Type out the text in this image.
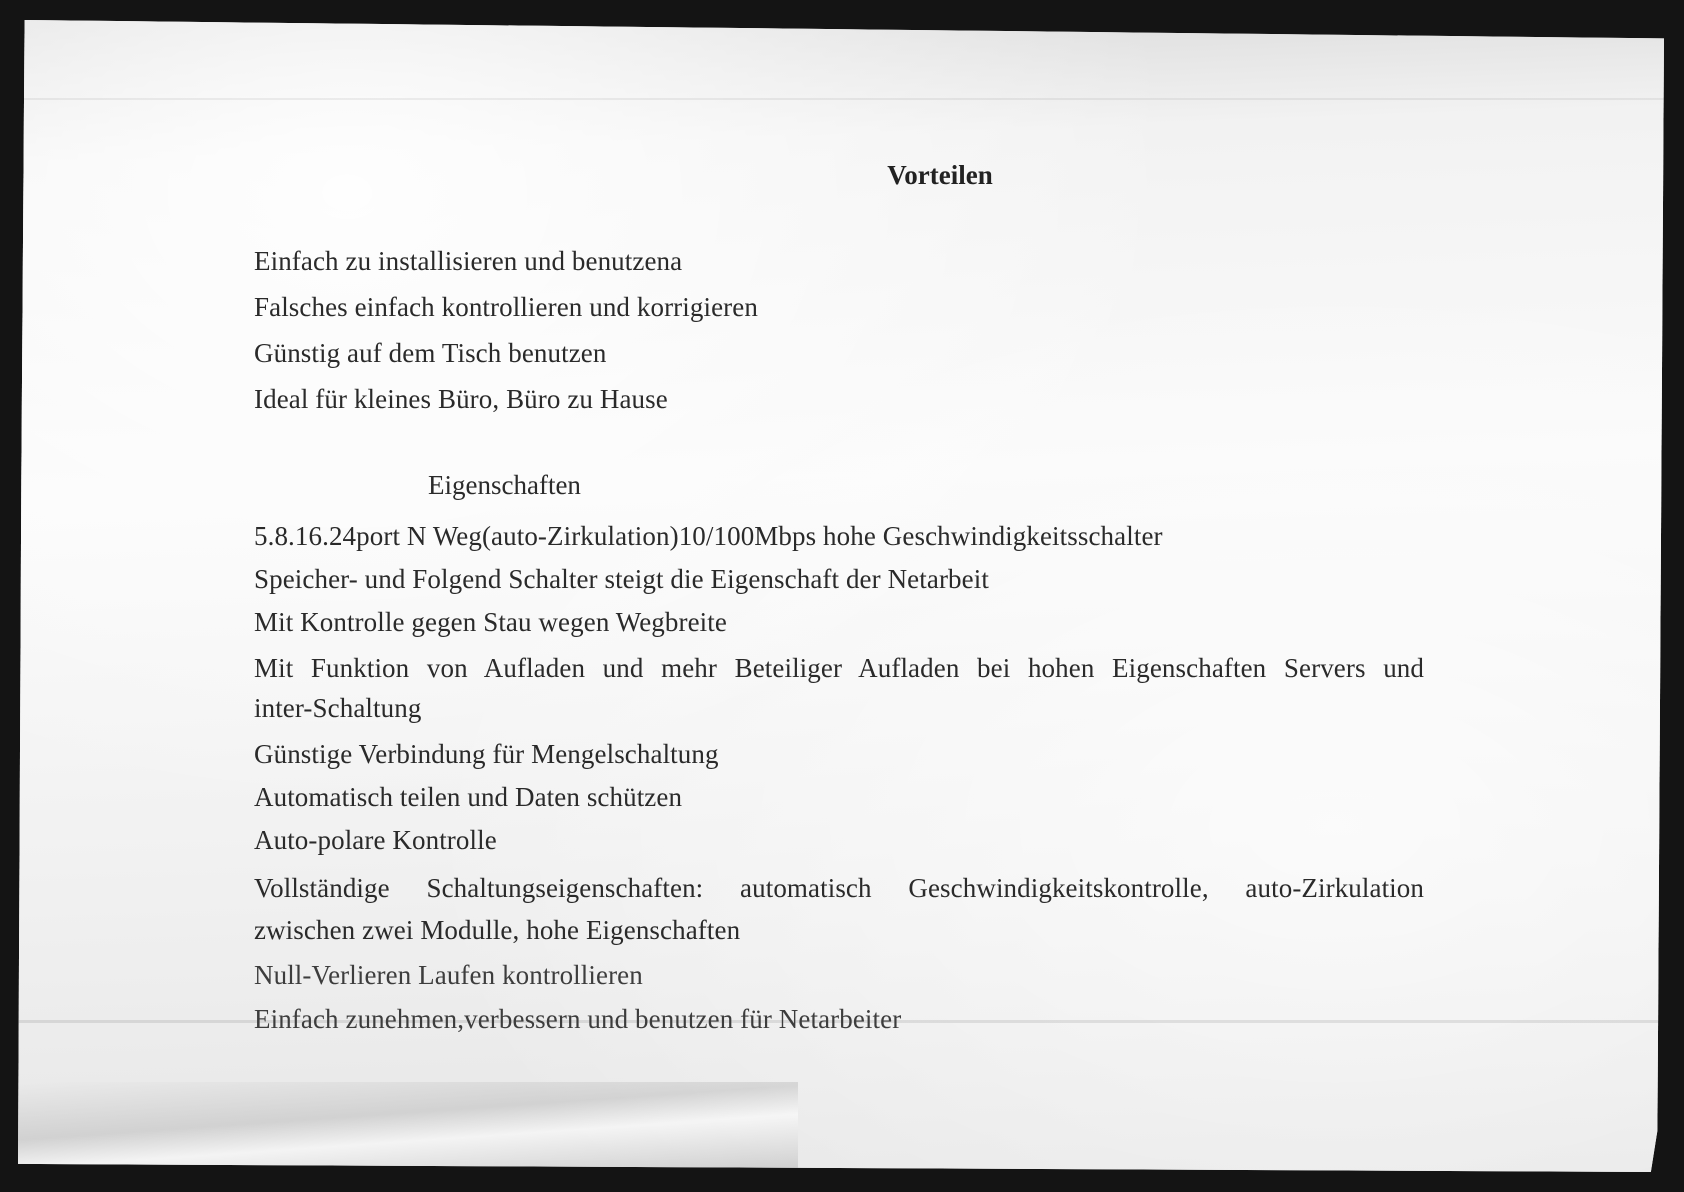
Vorteilen
Einfach zu installisieren und benutzena
Falsches einfach kontrollieren und korrigieren
Günstig auf dem Tisch benutzen
Ideal für kleines Büro, Büro zu Hause
Eigenschaften
5.8.16.24port N Weg(auto-Zirkulation)10/100Mbps hohe Geschwindigkeitsschalter
Speicher- und Folgend Schalter steigt die Eigenschaft der Netarbeit
Mit Kontrolle gegen Stau wegen Wegbreite
Mit Funktion von Aufladen und mehr Beteiliger Aufladen bei hohen Eigenschaften Servers und
inter-Schaltung
Günstige Verbindung für Mengelschaltung
Automatisch teilen und Daten schützen
Auto-polare Kontrolle
Vollständige Schaltungseigenschaften: automatisch Geschwindigkeitskontrolle, auto-Zirkulation
zwischen zwei Modulle, hohe Eigenschaften
Null-Verlieren Laufen kontrollieren
Einfach zunehmen,verbessern und benutzen für Netarbeiter
